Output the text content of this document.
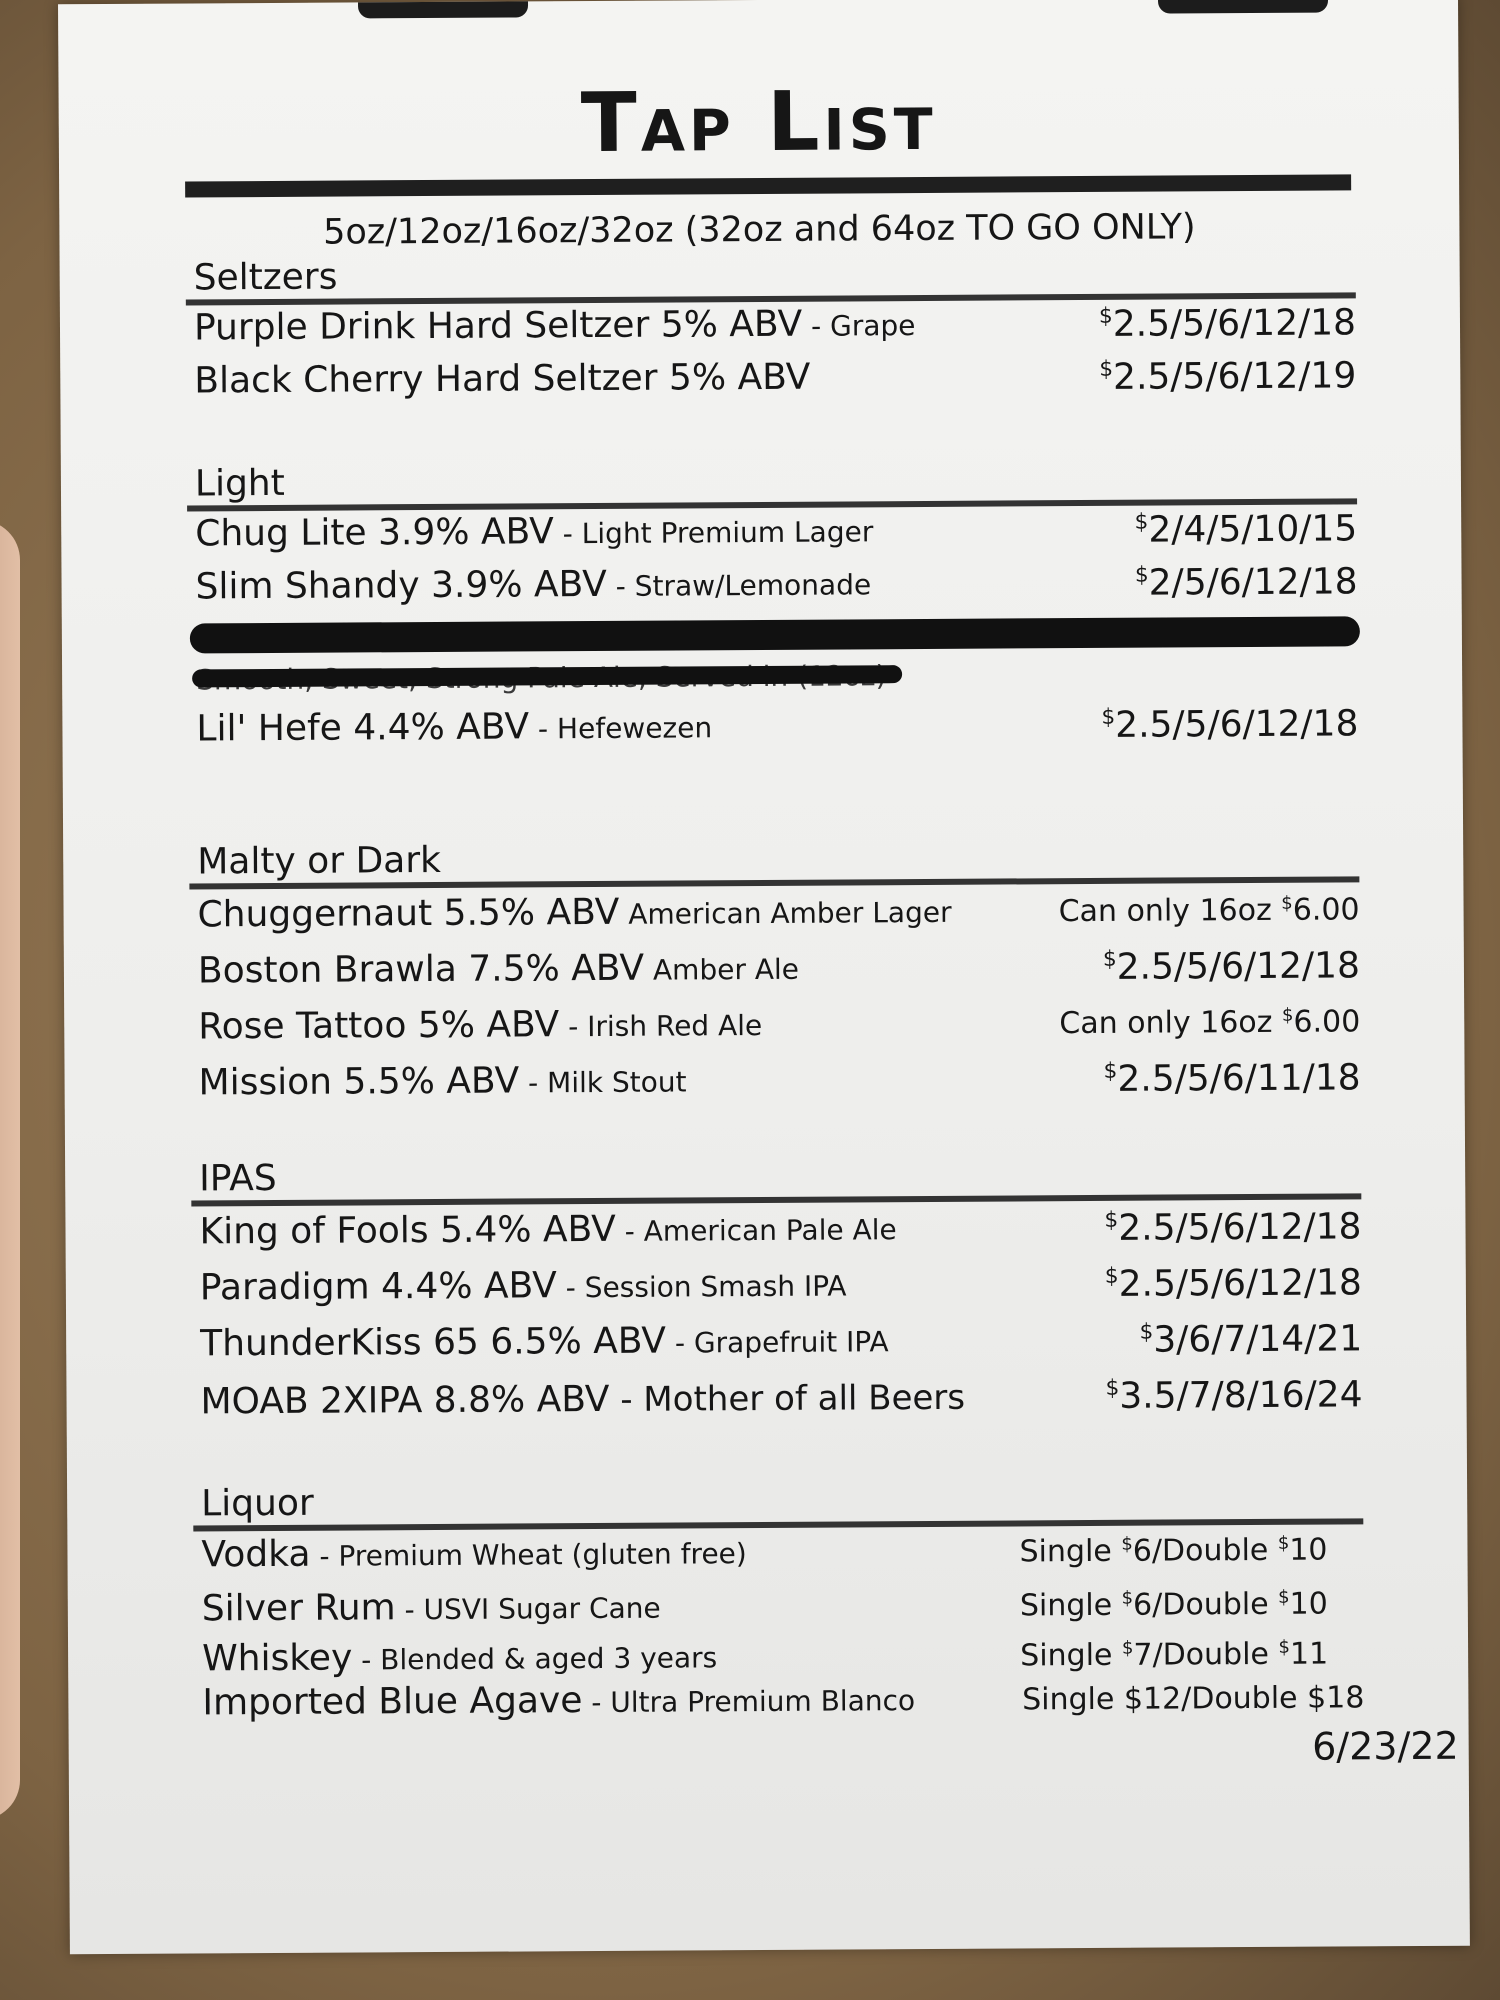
Tap List
5oz/12oz/16oz/32oz (32oz and 64oz TO GO ONLY)
Seltzers
Purple Drink Hard Seltzer 5% ABV - Grape	$2.5/5/6/12/18
Black Cherry Hard Seltzer 5% ABV	$2.5/5/6/12/19
Light
Chug Lite 3.9% ABV - Light Premium Lager	$2/4/5/10/15
Slim Shandy 3.9% ABV - Straw/Lemonade	$2/5/6/12/18
Lil' Hefe 4.4% ABV - Hefewezen	$2.5/5/6/12/18
Malty or Dark
Chuggernaut 5.5% ABV American Amber Lager	Can only 16oz $6.00
Boston Brawla 7.5% ABV Amber Ale	$2.5/5/6/12/18
Rose Tattoo 5% ABV - Irish Red Ale	Can only 16oz $6.00
Mission 5.5% ABV - Milk Stout	$2.5/5/6/11/18
IPAS
King of Fools 5.4% ABV - American Pale Ale	$2.5/5/6/12/18
Paradigm 4.4% ABV - Session Smash IPA	$2.5/5/6/12/18
ThunderKiss 65 6.5% ABV - Grapefruit IPA	$3/6/7/14/21
MOAB 2XIPA 8.8% ABV - Mother of all Beers	$3.5/7/8/16/24
Liquor
Vodka - Premium Wheat (gluten free)	Single $6/Double $10
Silver Rum - USVI Sugar Cane	Single $6/Double $10
Whiskey - Blended & aged 3 years	Single $7/Double $11
Imported Blue Agave - Ultra Premium Blanco	Single $12/Double $18
6/23/22
